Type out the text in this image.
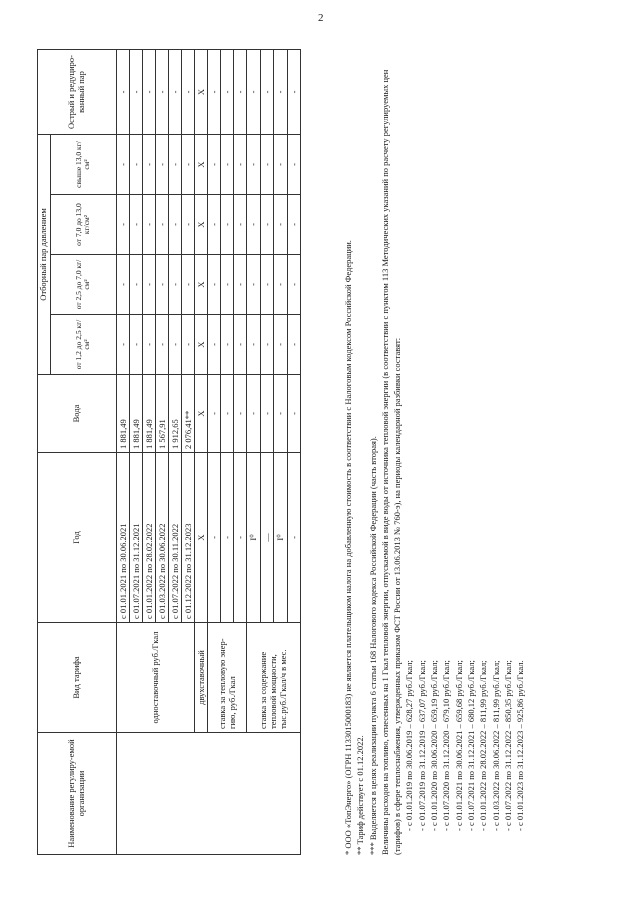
2
Наименование регулиру-емой организации	Вид тарифа	Год	Вода	Отборный пар давлением				Острый и редуциро-ванный пар
				от 1,2 до 2,5 кг/см²	от 2,5 до 7,0 кг/см²	от 7,0 до 13,0 кг/см²	свыше 13,0 кг/см²	
	одноставочный руб./Гкал	с 01.01.2021 по 30.06.2021	1 881,49	-	-	-	-	-
		с 01.07.2021 по 31.12.2021	1 881,49	-	-	-	-	-
		с 01.01.2022 по 28.02.2022	1 881,49	-	-	-	-	-
		с 01.03.2022 по 30.06.2022	1 567,91	-	-	-	-	-
		с 01.07.2022 по 30.11.2022	1 912,65	-	-	-	-	-
		с 01.12.2022 по 31.12.2023	2 076,41**	-	-	-	-	-
	двухставочный	X	X	X	X	X	X	X
	ставка за тепловую энер-гию, руб./Гкал	-	-	-	-	-	-	-
		-	-	-	-	-	-	-
		-	-	-	-	-	-	-
	ставка за содержание тепловой мощности, тыс.руб./Гкал/ч в мес.	I⁰	-	-	-	-	-	-
		—	-	-	-	-	-	-
		I⁰	-	-	-	-	-	-
		-	-	-	-	-	-	-

* ООО «ТопЭнерго» (ОГРН 1133015000183) не является плательщиком налога на добавленную стоимость в соответствии с Налоговым кодексом Российской Федерации. ** Тариф действует с 01.12.2022. *** Выделяется в целях реализации пункта 6 статьи 168 Налогового кодекса Российской Федерации (часть вторая). Величины расходов на топливо, отнесенных на 1 Гкал тепловой энергии, отпускаемой в виде воды от источника тепловой энергии (в соответствии с пунктом 113 Методических указаний по расчету регулируемых цен (тарифов) в сфере теплоснабжения, утвержденных приказом ФСТ России от 13.06.2013 № 760-э), на периоды календарной разбивки составят: - с 01.01.2019 по 30.06.2019 – 628,27 руб./Гкал; - с 01.07.2019 по 31.12.2019 – 637,07 руб./Гкал; - с 01.01.2020 по 30.06.2020 – 659,19 руб./Гкал; - с 01.07.2020 по 31.12.2020 – 679,10 руб./Гкал; - с 01.01.2021 по 30.06.2021 – 659,68 руб./Гкал; - с 01.07.2021 по 31.12.2021 – 680,12 руб./Гкал; - с 01.01.2022 по 28.02.2022 – 811,99 руб./Гкал; - с 01.03.2022 по 30.06.2022 – 811,99 руб./Гкал; - с 01.07.2022 по 31.12.2022 – 850,35 руб./Гкал; - с 01.01.2023 по 31.12.2023 – 925,86 руб./Гкал.
